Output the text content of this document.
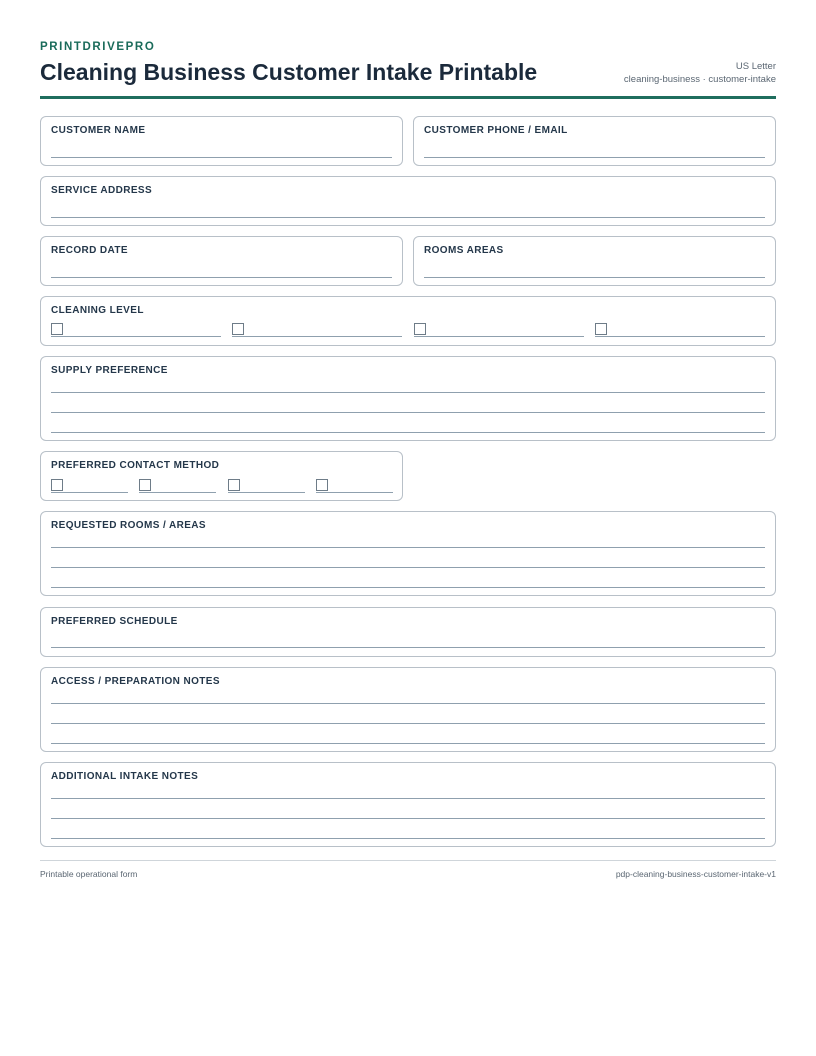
PRINTDRIVEPRO
Cleaning Business Customer Intake Printable	US Letter
cleaning-business · customer-intake
CUSTOMER NAME	CUSTOMER PHONE / EMAIL
SERVICE ADDRESS
RECORD DATE	ROOMS AREAS
CLEANING LEVEL
SUPPLY PREFERENCE
PREFERRED CONTACT METHOD
REQUESTED ROOMS / AREAS
PREFERRED SCHEDULE
ACCESS / PREPARATION NOTES
ADDITIONAL INTAKE NOTES
Printable operational form	pdp-cleaning-business-customer-intake-v1
